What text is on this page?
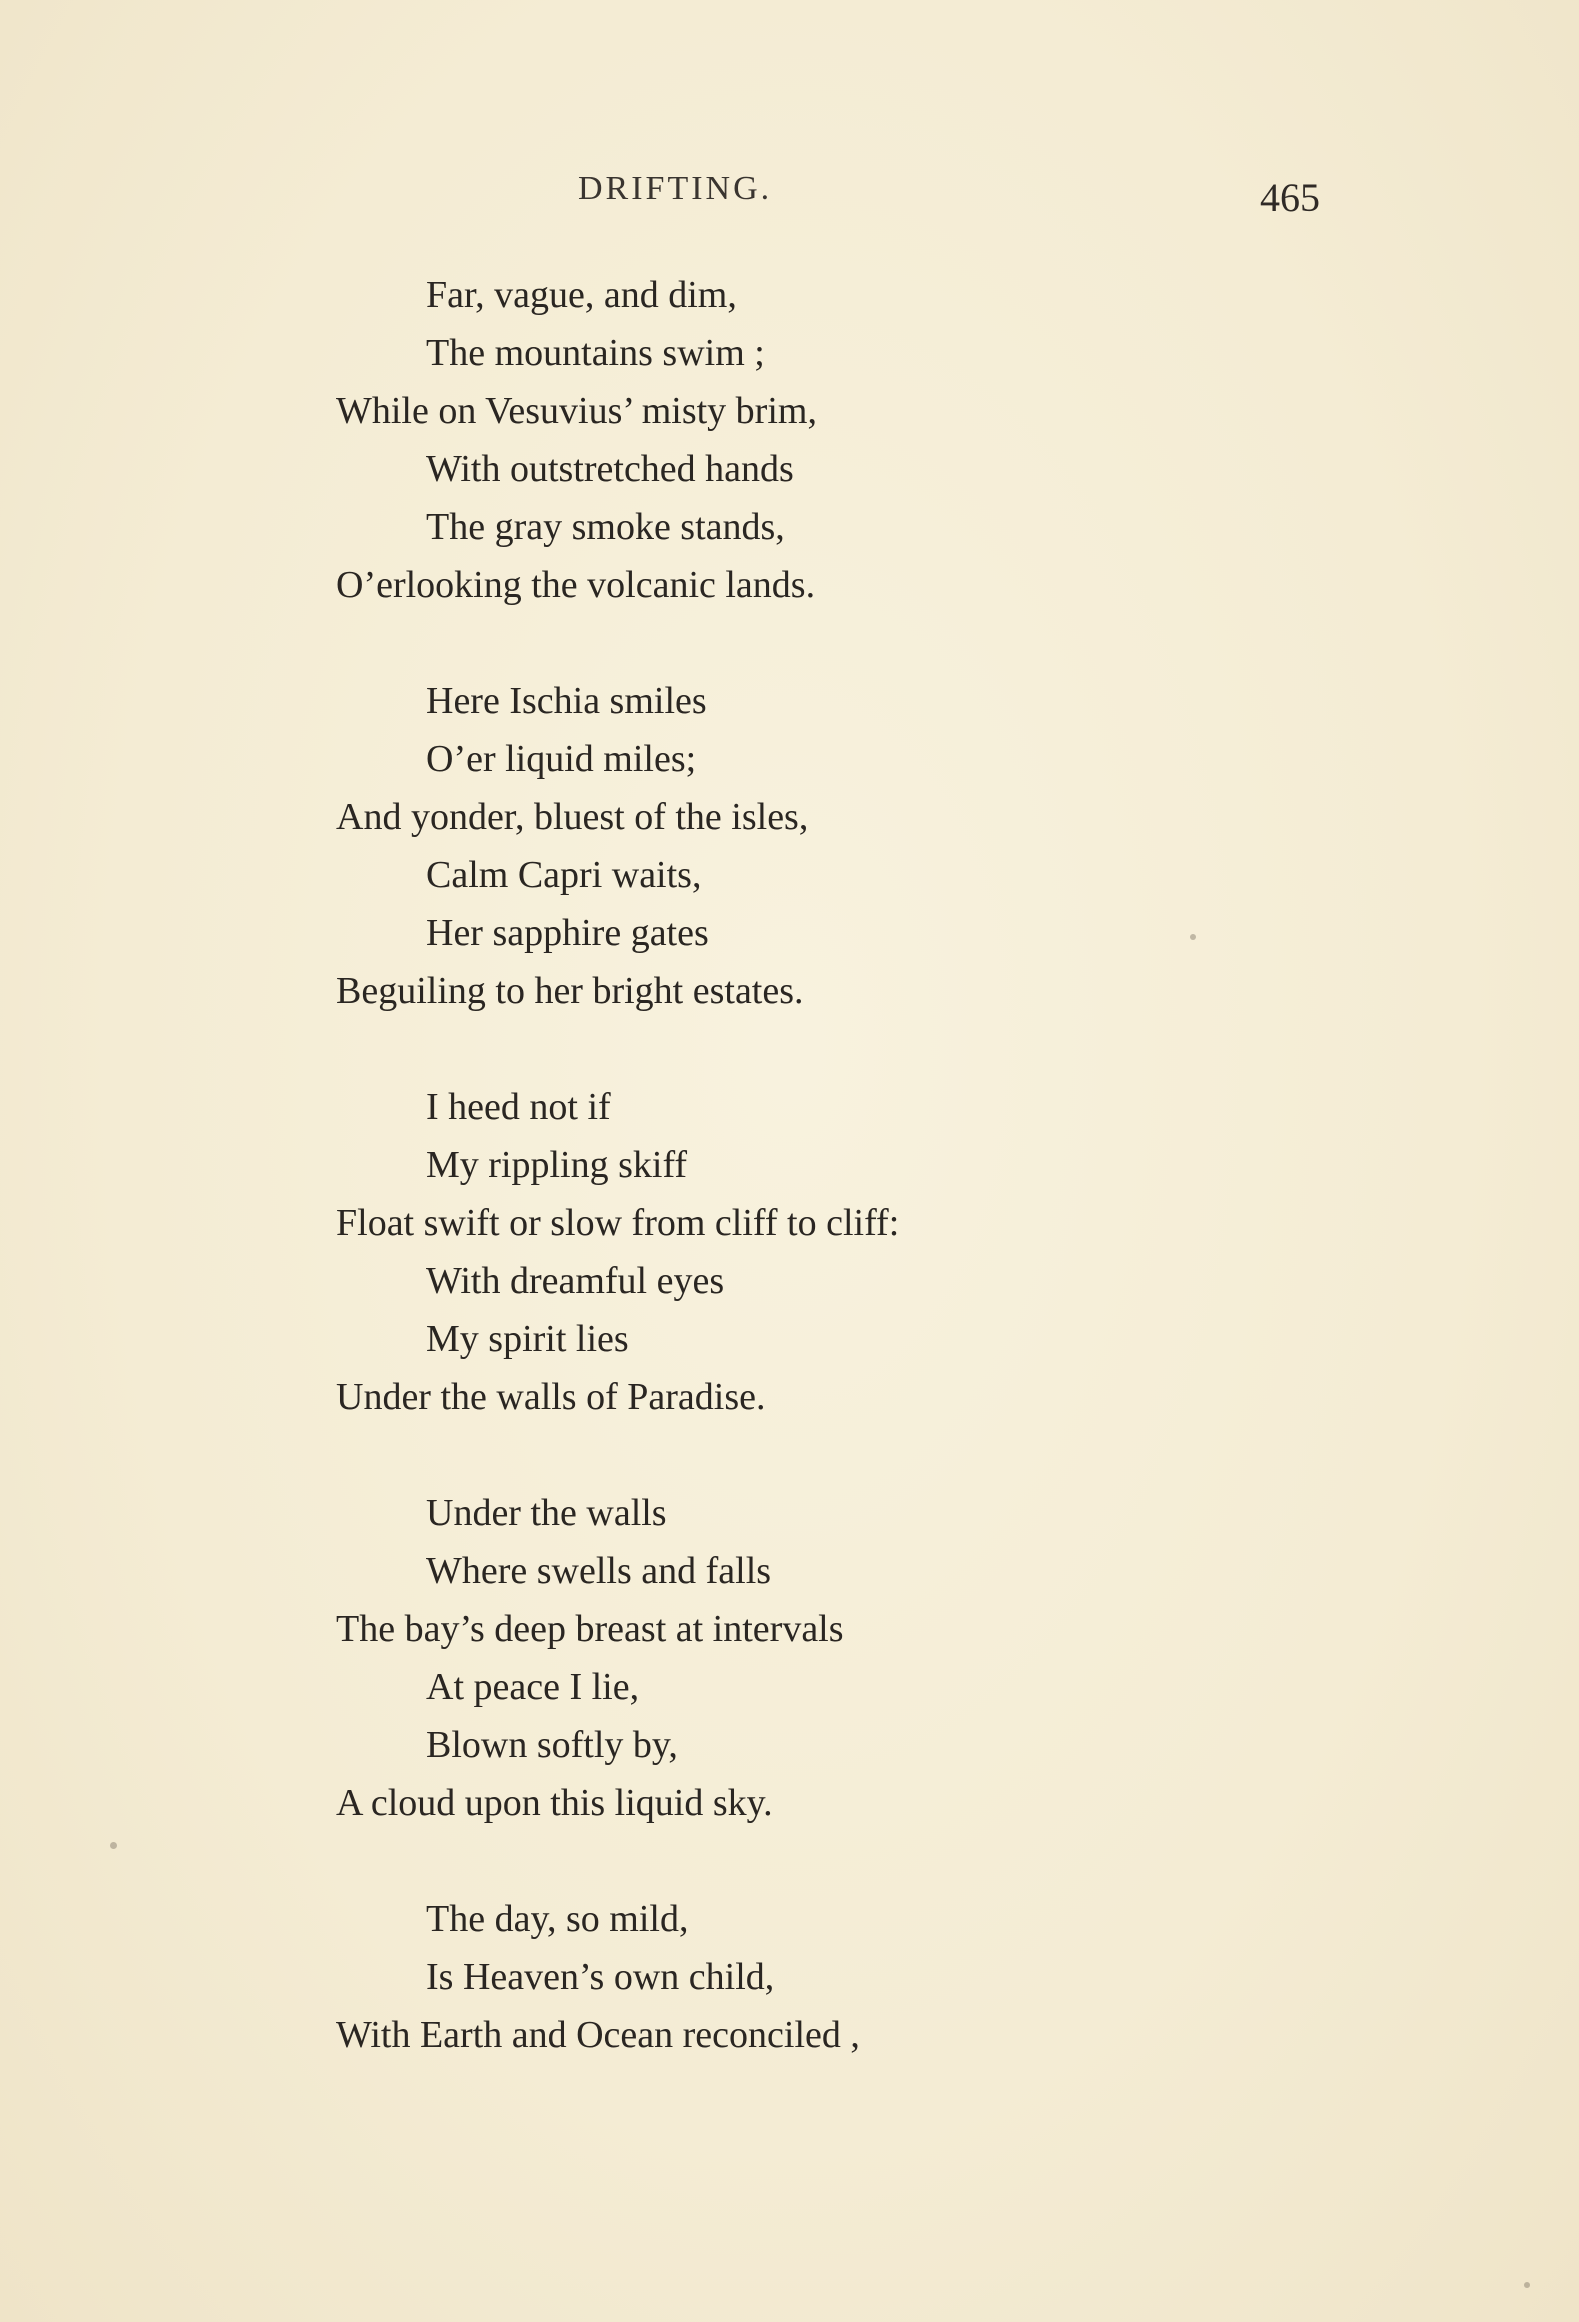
DRIFTING.	465
Far, vague, and dim,
The mountains swim ;
While on Vesuvius’ misty brim,
With outstretched hands
The gray smoke stands,
O’erlooking the volcanic lands.
Here Ischia smiles
O’er liquid miles;
And yonder, bluest of the isles,
Calm Capri waits,
Her sapphire gates
Beguiling to her bright estates.
I heed not if
My rippling skiff
Float swift or slow from cliff to cliff:
With dreamful eyes
My spirit lies
Under the walls of Paradise.
Under the walls
Where swells and falls
The bay’s deep breast at intervals
At peace I lie,
Blown softly by,
A cloud upon this liquid sky.
The day, so mild,
Is Heaven’s own child,
With Earth and Ocean reconciled ,
